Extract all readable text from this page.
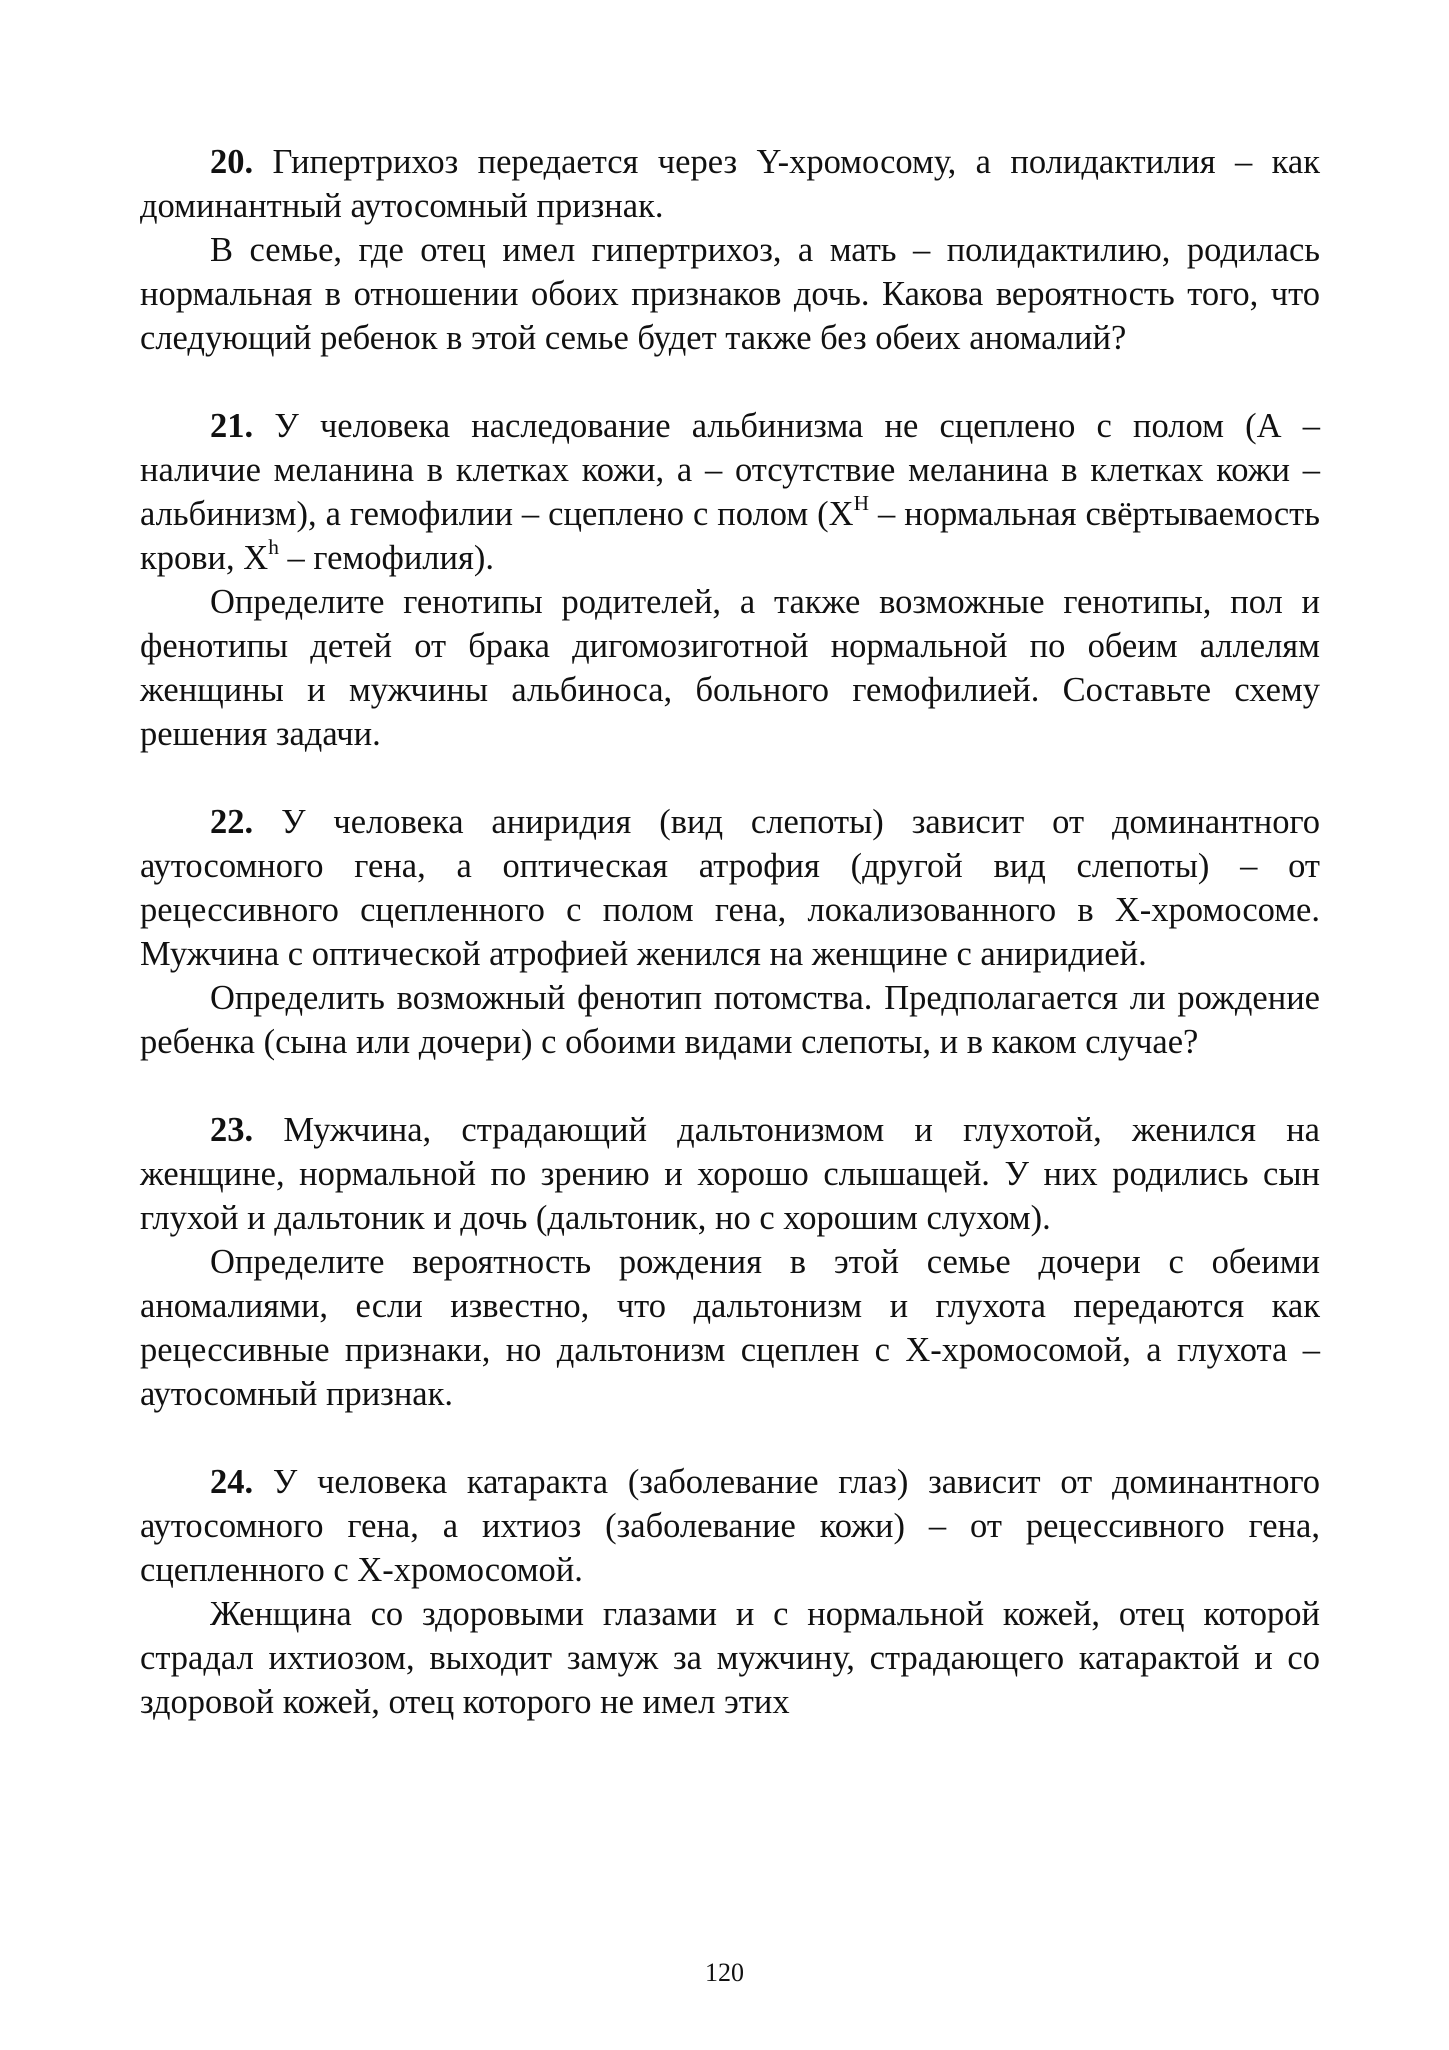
20. Гипертрихоз передается через Y-хромосому, а полидактилия – как доминантный аутосомный признак.

В семье, где отец имел гипертрихоз, а мать – полидактилию, родилась нормальная в отношении обоих признаков дочь. Какова вероятность того, что следующий ребенок в этой семье будет также без обеих аномалий?

21. У человека наследование альбинизма не сцеплено с полом (А – наличие меланина в клетках кожи, а – отсутствие меланина в клетках кожи – альбинизм), а гемофилии – сцеплено с полом ($X^H$ – нормальная свёртываемость крови, $X^h$ – гемофилия).

Определите генотипы родителей, а также возможные генотипы, пол и фенотипы детей от брака дигомозиготной нормальной по обеим аллелям женщины и мужчины альбиноса, больного гемофилией. Составьте схему решения задачи.

22. У человека аниридия (вид слепоты) зависит от доминантного аутосомного гена, а оптическая атрофия (другой вид слепоты) – от рецессивного сцепленного с полом гена, локализованного в X-хромосоме. Мужчина с оптической атрофией женился на женщине с аниридией.

Определить возможный фенотип потомства. Предполагается ли рождение ребенка (сына или дочери) с обоими видами слепоты, и в каком случае?

23. Мужчина, страдающий дальтонизмом и глухотой, женился на женщине, нормальной по зрению и хорошо слышащей. У них родились сын глухой и дальтоник и дочь (дальтоник, но с хорошим слухом).

Определите вероятность рождения в этой семье дочери с обеими аномалиями, если известно, что дальтонизм и глухота передаются как рецессивные признаки, но дальтонизм сцеплен с X-хромосомой, а глухота – аутосомный признак.

24. У человека катаракта (заболевание глаз) зависит от доминантного аутосомного гена, а ихтиоз (заболевание кожи) – от рецессивного гена, сцепленного с X-хромосомой.

Женщина со здоровыми глазами и с нормальной кожей, отец которой страдал ихтиозом, выходит замуж за мужчину, страдающего катарактой и со здоровой кожей, отец которого не имел этих

120
